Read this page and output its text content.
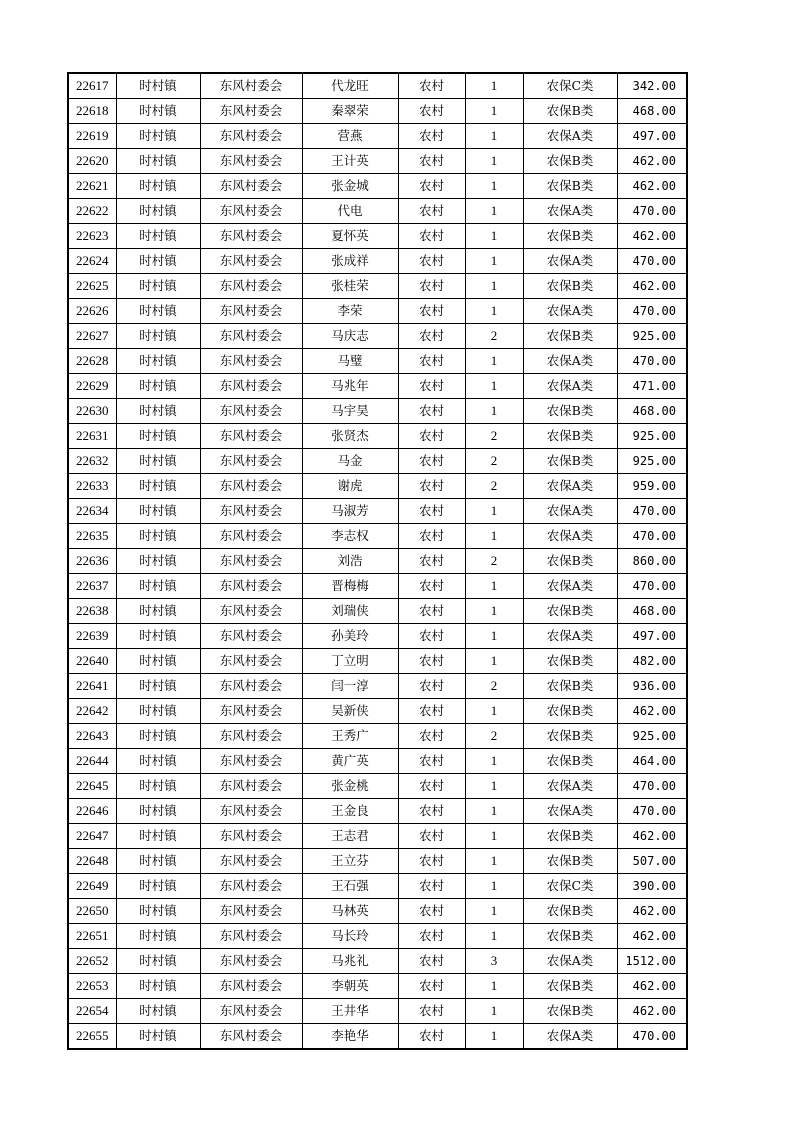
22617	时村镇	东风村委会	代龙旺	农村	1	农保C类	342.00
22618	时村镇	东风村委会	秦翠荣	农村	1	农保B类	468.00
22619	时村镇	东风村委会	营燕	农村	1	农保A类	497.00
22620	时村镇	东风村委会	王计英	农村	1	农保B类	462.00
22621	时村镇	东风村委会	张金城	农村	1	农保B类	462.00
22622	时村镇	东风村委会	代电	农村	1	农保A类	470.00
22623	时村镇	东风村委会	夏怀英	农村	1	农保B类	462.00
22624	时村镇	东风村委会	张成祥	农村	1	农保A类	470.00
22625	时村镇	东风村委会	张桂荣	农村	1	农保B类	462.00
22626	时村镇	东风村委会	李荣	农村	1	农保A类	470.00
22627	时村镇	东风村委会	马庆志	农村	2	农保B类	925.00
22628	时村镇	东风村委会	马璧	农村	1	农保A类	470.00
22629	时村镇	东风村委会	马兆年	农村	1	农保A类	471.00
22630	时村镇	东风村委会	马宇昊	农村	1	农保B类	468.00
22631	时村镇	东风村委会	张贤杰	农村	2	农保B类	925.00
22632	时村镇	东风村委会	马金	农村	2	农保B类	925.00
22633	时村镇	东风村委会	谢虎	农村	2	农保A类	959.00
22634	时村镇	东风村委会	马淑芳	农村	1	农保A类	470.00
22635	时村镇	东风村委会	李志权	农村	1	农保A类	470.00
22636	时村镇	东风村委会	刘浩	农村	2	农保B类	860.00
22637	时村镇	东风村委会	晋梅梅	农村	1	农保A类	470.00
22638	时村镇	东风村委会	刘瑞侠	农村	1	农保B类	468.00
22639	时村镇	东风村委会	孙美玲	农村	1	农保A类	497.00
22640	时村镇	东风村委会	丁立明	农村	1	农保B类	482.00
22641	时村镇	东风村委会	闫一淳	农村	2	农保B类	936.00
22642	时村镇	东风村委会	吴新侠	农村	1	农保B类	462.00
22643	时村镇	东风村委会	王秀广	农村	2	农保B类	925.00
22644	时村镇	东风村委会	黄广英	农村	1	农保B类	464.00
22645	时村镇	东风村委会	张金桃	农村	1	农保A类	470.00
22646	时村镇	东风村委会	王金良	农村	1	农保A类	470.00
22647	时村镇	东风村委会	王志君	农村	1	农保B类	462.00
22648	时村镇	东风村委会	王立芬	农村	1	农保B类	507.00
22649	时村镇	东风村委会	王石强	农村	1	农保C类	390.00
22650	时村镇	东风村委会	马林英	农村	1	农保B类	462.00
22651	时村镇	东风村委会	马长玲	农村	1	农保B类	462.00
22652	时村镇	东风村委会	马兆礼	农村	3	农保A类	1512.00
22653	时村镇	东风村委会	李朝英	农村	1	农保B类	462.00
22654	时村镇	东风村委会	王井华	农村	1	农保B类	462.00
22655	时村镇	东风村委会	李艳华	农村	1	农保A类	470.00
